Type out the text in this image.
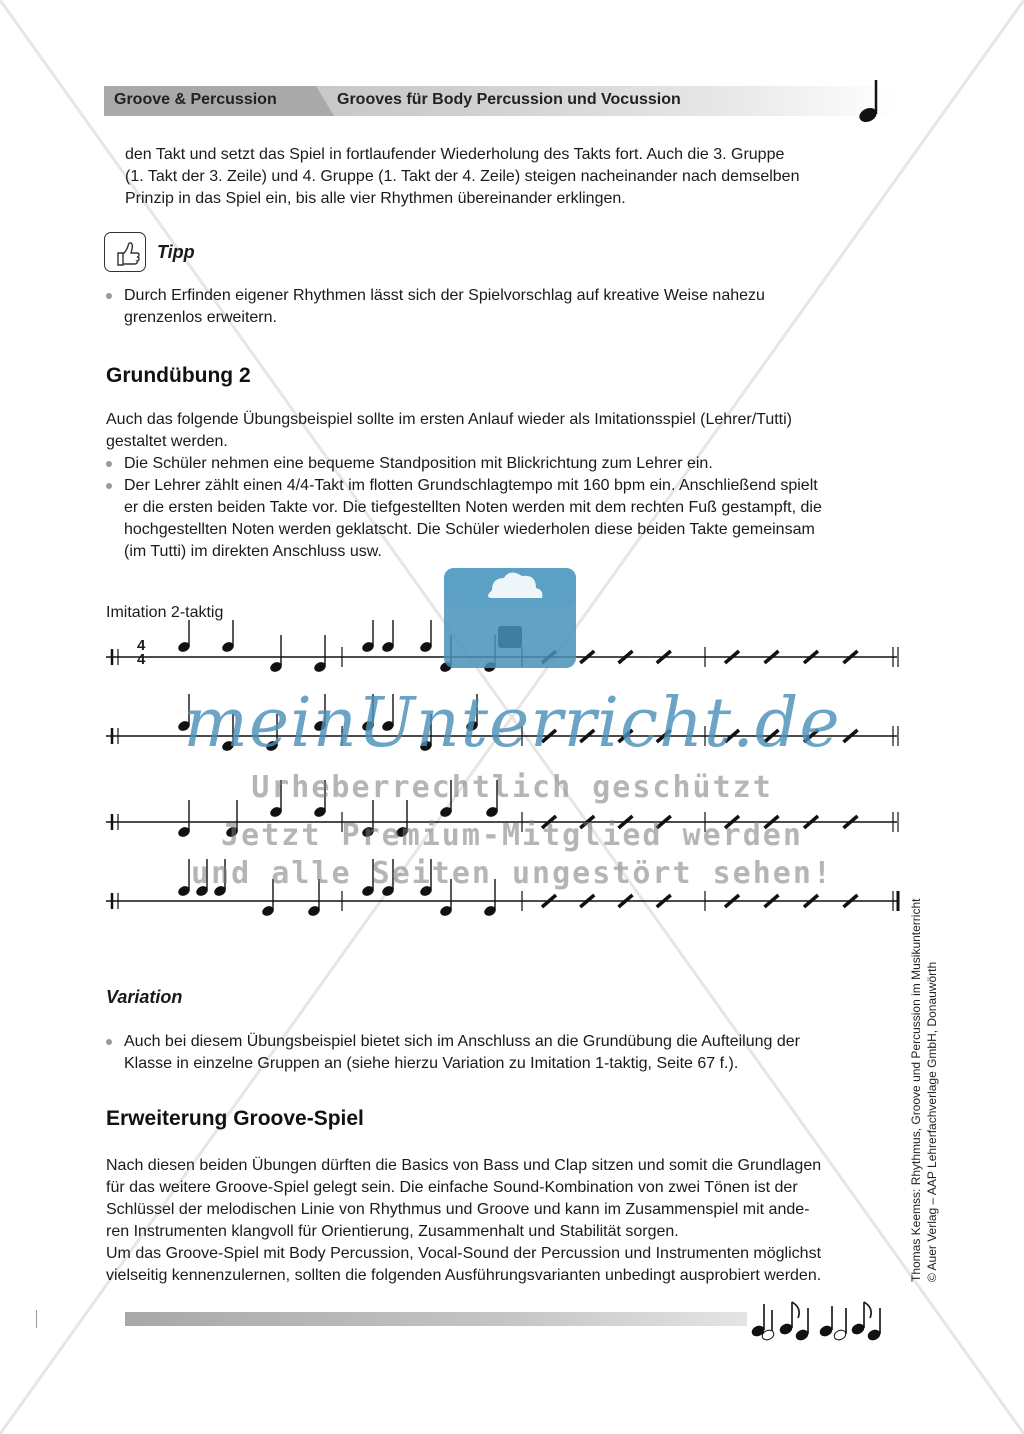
Groove & Percussion	Grooves für Body Percussion und Vocussion
den Takt und setzt das Spiel in fortlaufender Wiederholung des Takts fort. Auch die 3. Gruppe
(1. Takt der 3. Zeile) und 4. Gruppe (1. Takt der 4. Zeile) steigen nacheinander nach demselben
Prinzip in das Spiel ein, bis alle vier Rhythmen übereinander erklingen.
Tipp
Durch Erfinden eigener Rhythmen lässt sich der Spielvorschlag auf kreative Weise nahezu
grenzenlos erweitern.
Grundübung 2
Auch das folgende Übungsbeispiel sollte im ersten Anlauf wieder als Imitationsspiel (Lehrer/Tutti)
gestaltet werden.
Die Schüler nehmen eine bequeme Standposition mit Blickrichtung zum Lehrer ein.
Der Lehrer zählt einen 4/4-Takt im flotten Grundschlagtempo mit 160 bpm ein. Anschließend spielt
er die ersten beiden Takte vor. Die tiefgestellten Noten werden mit dem rechten Fuß gestampft, die
hochgestellten Noten werden geklatscht. Die Schüler wiederholen diese beiden Takte gemeinsam
(im Tutti) im direkten Anschluss usw.
Imitation 2-taktig
4
4
Variation
Auch bei diesem Übungsbeispiel bietet sich im Anschluss an die Grundübung die Aufteilung der
Klasse in einzelne Gruppen an (siehe hierzu Variation zu Imitation 1-taktig, Seite 67 f.).
Erweiterung Groove-Spiel
Nach diesen beiden Übungen dürften die Basics von Bass und Clap sitzen und somit die Grundlagen
für das weitere Groove-Spiel gelegt sein. Die einfache Sound-Kombination von zwei Tönen ist der
Schlüssel der melodischen Linie von Rhythmus und Groove und kann im Zusammenspiel mit ande-
ren Instrumenten klangvoll für Orientierung, Zusammenhalt und Stabilität sorgen.
Um das Groove-Spiel mit Body Percussion, Vocal-Sound der Percussion und Instrumenten möglichst
vielseitig kennenzulernen, sollten die folgenden Ausführungsvarianten unbedingt ausprobiert werden.	Thomas Keemss: Rhythmus, Groove und Percussion im Musikunterricht © Auer Verlag – AAP Lehrerfachverlage GmbH, Donauwörth
meinUnterricht.de
Urheberrechtlich geschützt
Jetzt Premium-Mitglied werden
und alle Seiten ungestört sehen!
